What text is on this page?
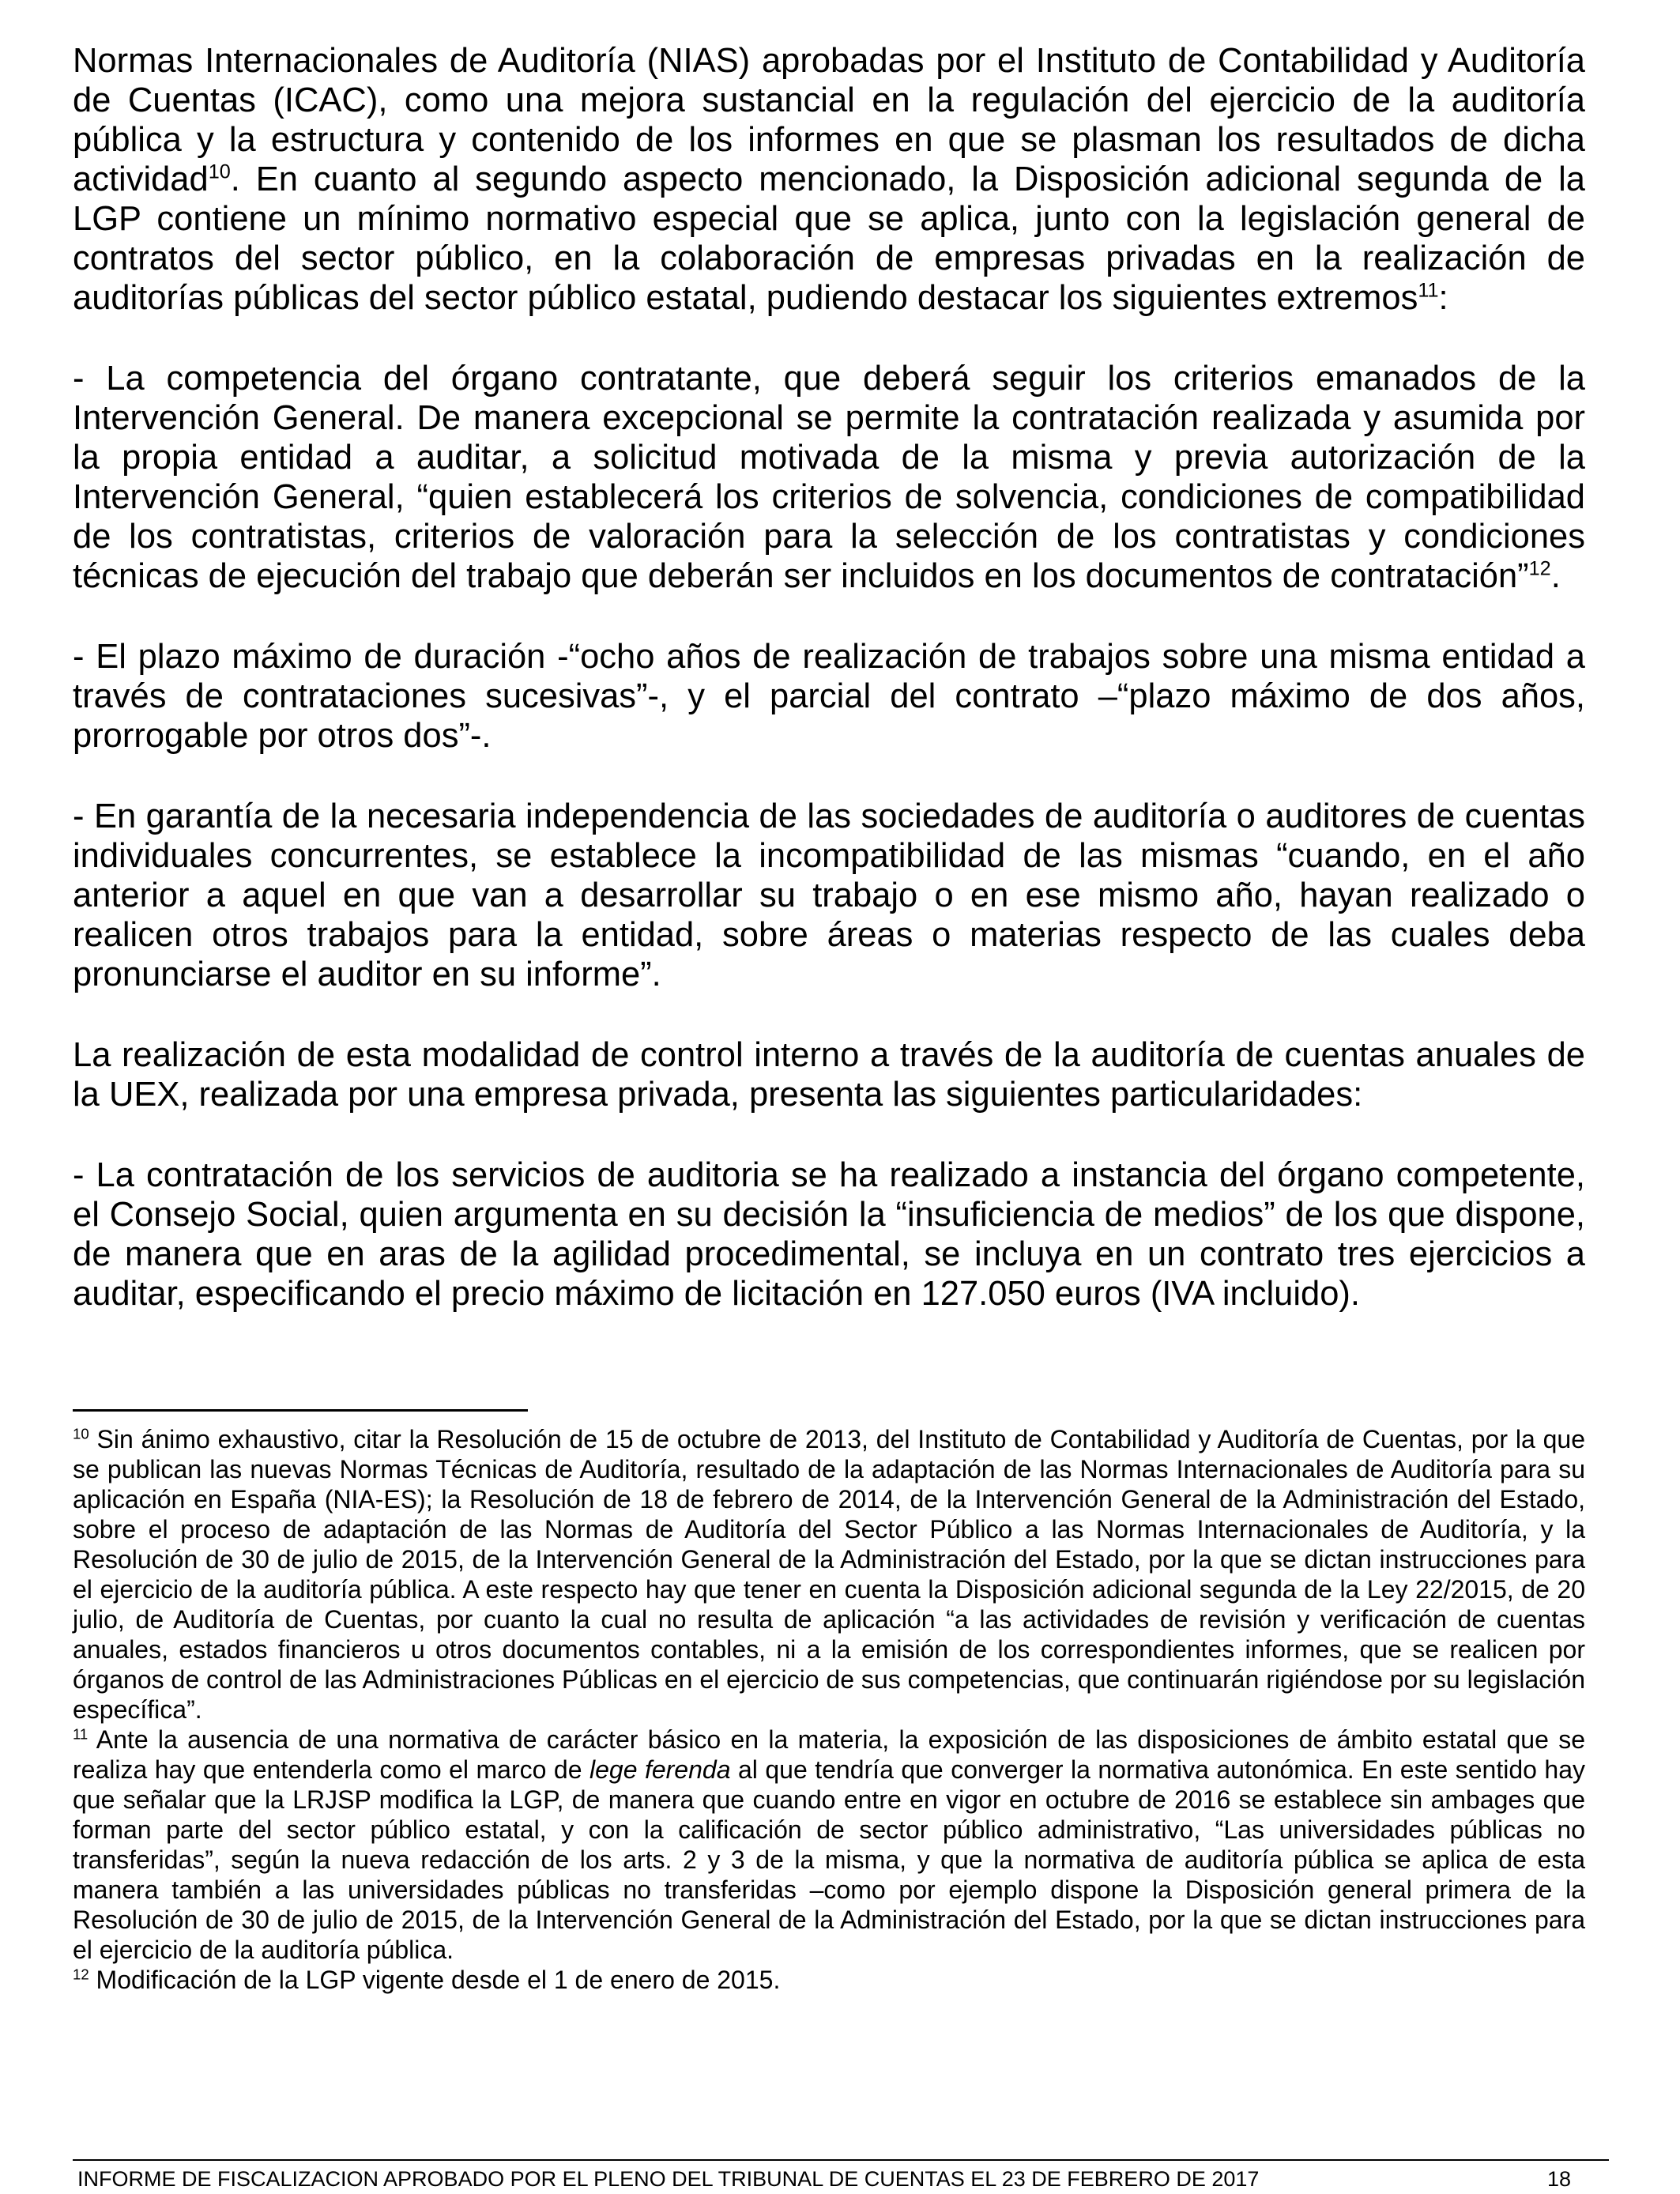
Normas Internacionales de Auditoría (NIAS) aprobadas por el Instituto de Contabilidad y Auditoría de Cuentas (ICAC), como una mejora sustancial en la regulación del ejercicio de la auditoría pública y la estructura y contenido de los informes en que se plasman los resultados de dicha actividad$^{10}$. En cuanto al segundo aspecto mencionado, la Disposición adicional segunda de la LGP contiene un mínimo normativo especial que se aplica, junto con la legislación general de contratos del sector público, en la colaboración de empresas privadas en la realización de auditorías públicas del sector público estatal, pudiendo destacar los siguientes extremos$^{11}$:

- La competencia del órgano contratante, que deberá seguir los criterios emanados de la Intervención General. De manera excepcional se permite la contratación realizada y asumida por la propia entidad a auditar, a solicitud motivada de la misma y previa autorización de la Intervención General, “quien establecerá los criterios de solvencia, condiciones de compatibilidad de los contratistas, criterios de valoración para la selección de los contratistas y condiciones técnicas de ejecución del trabajo que deberán ser incluidos en los documentos de contratación”$^{12}$.

- El plazo máximo de duración -“ocho años de realización de trabajos sobre una misma entidad a través de contrataciones sucesivas”-, y el parcial del contrato –“plazo máximo de dos años, prorrogable por otros dos”-.

- En garantía de la necesaria independencia de las sociedades de auditoría o auditores de cuentas individuales concurrentes, se establece la incompatibilidad de las mismas “cuando, en el año anterior a aquel en que van a desarrollar su trabajo o en ese mismo año, hayan realizado o realicen otros trabajos para la entidad, sobre áreas o materias respecto de las cuales deba pronunciarse el auditor en su informe”.

La realización de esta modalidad de control interno a través de la auditoría de cuentas anuales de la UEX, realizada por una empresa privada, presenta las siguientes particularidades:

- La contratación de los servicios de auditoria se ha realizado a instancia del órgano competente, el Consejo Social, quien argumenta en su decisión la “insuficiencia de medios” de los que dispone, de manera que en aras de la agilidad procedimental, se incluya en un contrato tres ejercicios a auditar, especificando el precio máximo de licitación en 127.050 euros (IVA incluido).

$^{10}$ Sin ánimo exhaustivo, citar la Resolución de 15 de octubre de 2013, del Instituto de Contabilidad y Auditoría de Cuentas, por la que se publican las nuevas Normas Técnicas de Auditoría, resultado de la adaptación de las Normas Internacionales de Auditoría para su aplicación en España (NIA-ES); la Resolución de 18 de febrero de 2014, de la Intervención General de la Administración del Estado, sobre el proceso de adaptación de las Normas de Auditoría del Sector Público a las Normas Internacionales de Auditoría, y la Resolución de 30 de julio de 2015, de la Intervención General de la Administración del Estado, por la que se dictan instrucciones para el ejercicio de la auditoría pública. A este respecto hay que tener en cuenta la Disposición adicional segunda de la Ley 22/2015, de 20 julio, de Auditoría de Cuentas, por cuanto la cual no resulta de aplicación “a las actividades de revisión y verificación de cuentas anuales, estados financieros u otros documentos contables, ni a la emisión de los correspondientes informes, que se realicen por órganos de control de las Administraciones Públicas en el ejercicio de sus competencias, que continuarán rigiéndose por su legislación específica”.

$^{11}$ Ante la ausencia de una normativa de carácter básico en la materia, la exposición de las disposiciones de ámbito estatal que se realiza hay que entenderla como el marco de lege ferenda al que tendría que converger la normativa autonómica. En este sentido hay que señalar que la LRJSP modifica la LGP, de manera que cuando entre en vigor en octubre de 2016 se establece sin ambages que forman parte del sector público estatal, y con la calificación de sector público administrativo, “Las universidades públicas no transferidas”, según la nueva redacción de los arts. 2 y 3 de la misma, y que la normativa de auditoría pública se aplica de esta manera también a las universidades públicas no transferidas –como por ejemplo dispone la Disposición general primera de la Resolución de 30 de julio de 2015, de la Intervención General de la Administración del Estado, por la que se dictan instrucciones para el ejercicio de la auditoría pública.

$^{12}$ Modificación de la LGP vigente desde el 1 de enero de 2015.

INFORME DE FISCALIZACION APROBADO POR EL PLENO DEL TRIBUNAL DE CUENTAS EL 23 DE FEBRERO DE 2017	18
